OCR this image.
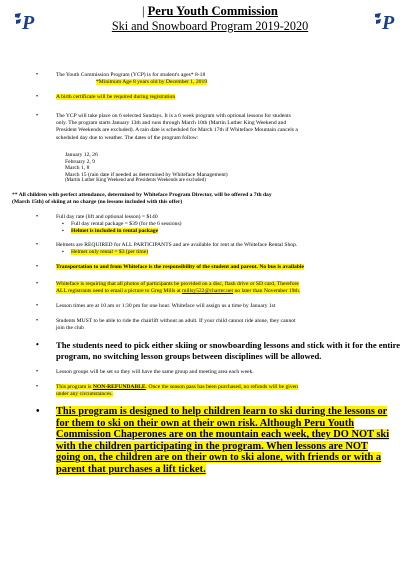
P	P
| Peru Youth Commission
Ski and Snowboard Program 2019-2020
•	The Youth Commission Program (YCP) is for student's ages* 8-18
*Minimum Age 8 years old by December 1, 2019
•	A birth certificate will be required during registration
•	The YCP will take place on 6 selected Sundays. It is a 6 week program with optional lessons for students
only. The program starts January 13th and runs through March 10th (Martin Luther King Weekend and
President Weekends are excluded). A rain date is scheduled for March 17th if Whiteface Mountain cancels a
scheduled day due to weather. The dates of the program follow:
January 12, 26
February 2, 9
March 1, 8
March 15 (rain date if needed as determined by Whiteface Management)
(Martin Luther King Weekend and Presidents Weekends are excluded)
** All children with perfect attendance, determined by Whiteface Program Director, will be offered a 7th day
(March 15th) of skiing at no charge (no lessons included with this offer)
•	Full day rate (lift and optional lesson) = $140
▪ Full day rental package = $39 (for the 6 sessions)
▪ Helmet is included in rental package
•	Helmets are REQUIRED for ALL PARTICIPANTS and are available for rent at the Whiteface Rental Shop.
▪ Helmet only rental = $3 (per time)
•	Transportation to and from Whiteface is the responsibility of the student and parent. No bus is available
•	Whiteface is requiring that all photos of participants be provided on a disc, flash drive or SD card, Therefore
ALL registrants need to email a picture to Greg Mills at millsy522@charter.net no later than November 19th.
•	Lesson times are at 10 am or 1:30 pm for one hour. Whiteface will assign us a time by January 1st
•	Students MUST to be able to ride the chairlift without an adult. If your child cannot ride alone, they cannot
join the club
• The students need to pick either skiing or snowboarding lessons and stick with it for the entire
program, no switching lesson groups between disciplines will be allowed.
•	Lesson groups will be set so they will have the same group and meeting area each week.
•	This program is NON-REFUNDABLE. Once the season pass has been purchased, no refunds will be given
under any circumstances.
• This program is designed to help children learn to ski during the lessons or
for them to ski on their own at their own risk. Although Peru Youth
Commission Chaperones are on the mountain each week, they DO NOT ski
with the children participating in the program. When lessons are NOT
going on, the children are on their own to ski alone, with friends or with a
parent that purchases a lift ticket.
